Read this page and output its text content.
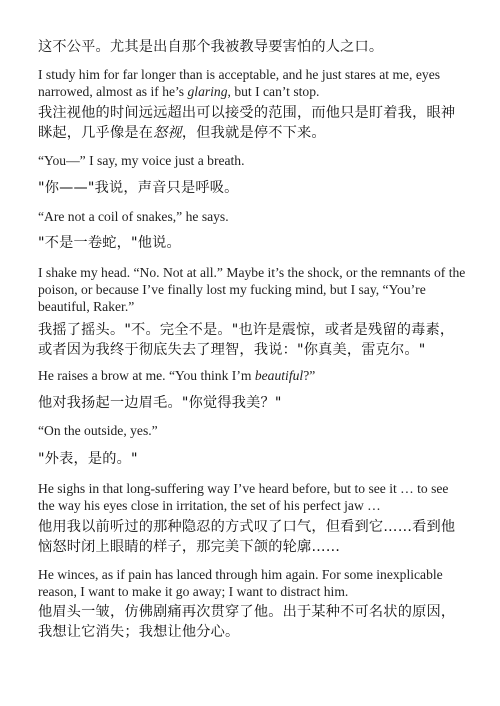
这不公平。尤其是出自那个我被教导要害怕的人之口。

I study him for far longer than is acceptable, and he just stares at me, eyes narrowed, almost as if he’s glaring, but I can’t stop.

我注视他的时间远远超出可以接受的范围，而他只是盯着我，眼神眯起，几乎像是在怒视，但我就是停不下来。

“You—” I say, my voice just a breath.

"你——"我说，声音只是呼吸。

“Are not a coil of snakes,” he says.

"不是一卷蛇，"他说。

I shake my head. “No. Not at all.” Maybe it’s the shock, or the remnants of the poison, or because I’ve finally lost my fucking mind, but I say, “You’re beautiful, Raker.”

我摇了摇头。"不。完全不是。"也许是震惊，或者是残留的毒素，或者因为我终于彻底失去了理智，我说："你真美，雷克尔。"

He raises a brow at me. “You think I’m beautiful?”

他对我扬起一边眉毛。"你觉得我美？"

“On the outside, yes.”

"外表，是的。"

He sighs in that long-suffering way I’ve heard before, but to see it … to see the way his eyes close in irritation, the set of his perfect jaw …

他用我以前听过的那种隐忍的方式叹了口气，但看到它……看到他恼怒时闭上眼睛的样子，那完美下颌的轮廓……

He winces, as if pain has lanced through him again. For some inexplicable reason, I want to make it go away; I want to distract him.

他眉头一皱，仿佛剧痛再次贯穿了他。出于某种不可名状的原因，我想让它消失；我想让他分心。
